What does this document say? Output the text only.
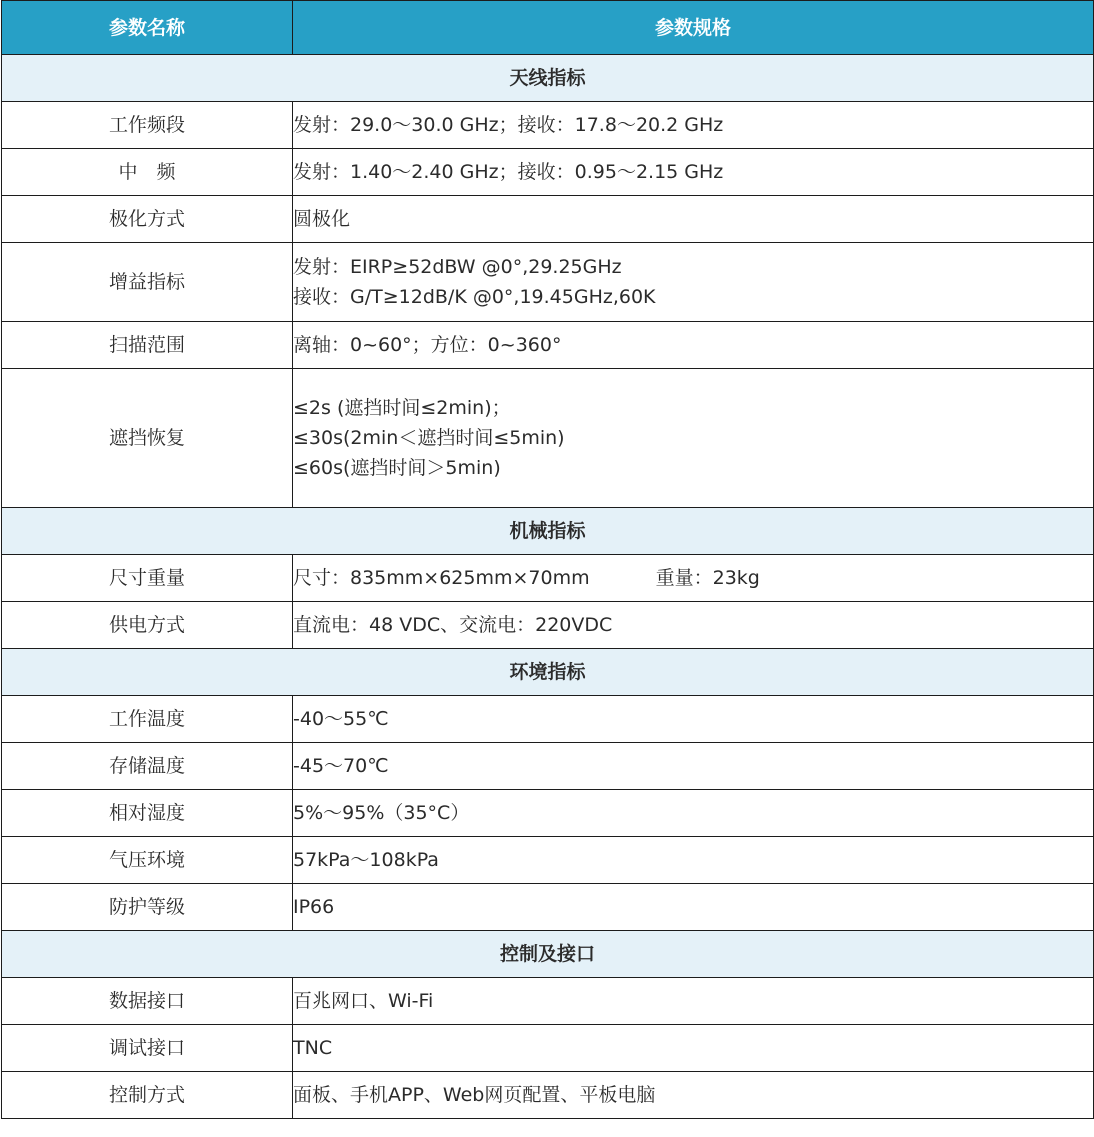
参数名称	参数规格
天线指标	
工作频段	发射：29.0～30.0 GHz；接收：17.8～20.2 GHz

中　频	发射：1.40～2.40 GHz；接收：0.95～2.15 GHz

极化方式	圆极化

增益指标	发射：EIRP≥52dBW @0°,29.25GHz
接收：G/T≥12dB/K @0°,19.45GHz,60K

扫描范围	离轴：0~60°；方位：0~360°

遮挡恢复	≤2s (遮挡时间≤2min)；
≤30s(2min＜遮挡时间≤5min)
≤60s(遮挡时间＞5min)

机械指标	
尺寸重量	尺寸：835mm×625mm×70mm 重量：23kg
供电方式	直流电：48 VDC、交流电：220VDC

环境指标	
工作温度	-40～55℃

存储温度	-45～70℃

相对湿度	5%～95%（35°C）

气压环境	57kPa～108kPa

防护等级	IP66

控制及接口	
数据接口	百兆网口、Wi-Fi

调试接口	TNC

控制方式	面板、手机APP、Web网页配置、平板电脑
